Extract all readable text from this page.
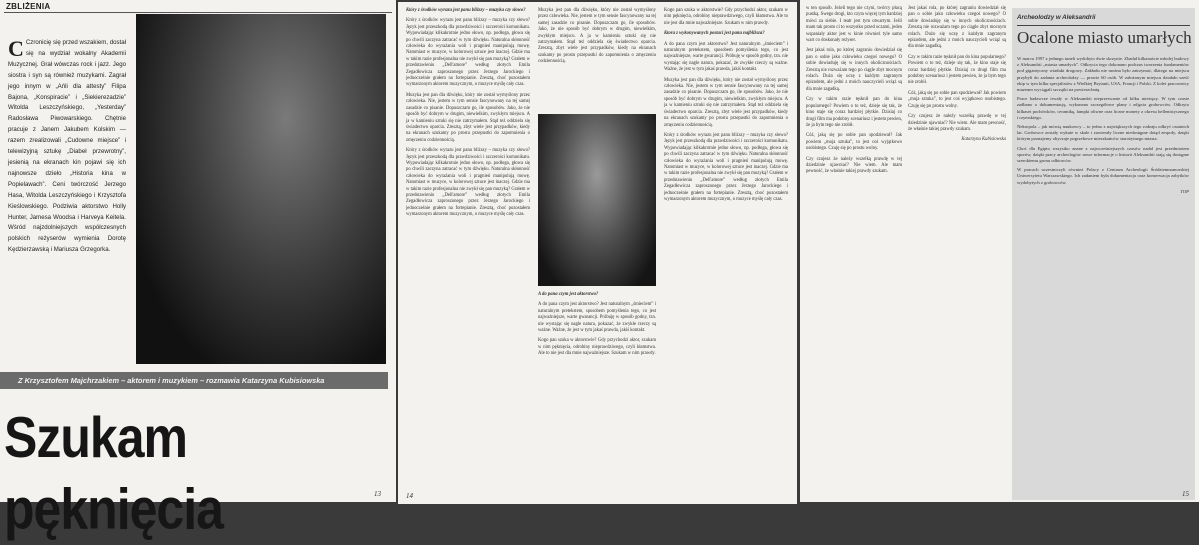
ZBLIŻENIA
C Czronicię się przed wszakiem, dostał się na wydział wokalny Akademii Muzycznej. Grał wówczas rock i jazz. Jego siostra i syn są również muzykami. Zagrał jego innym w „Ańli dla attesty” Filipa Bajona, „Konspiracie” i „Siekierezadzie” Witolda Leszczyńskiego, „Yesterday” Radosława Piwowarskiego. Chętnie pracuje z Janem Jakubem Kolskim — razem zrealizowali „Cudowne miejsce” i telewizyjną sztukę „Diabeł przewrotny”, jesienią na ekranach kin pojawi się ich najnowsze dzieło „Historia kina w Popielawach”. Ceni twórczość Jerzego Hasa, Witolda Leszczyńskiego i Krzysztofa Kieślowskiego. Podziwia aktorstwo Holly Hunter, Jamesa Woodsa i Harveya Keitela. Wśród najzdolniejszych współczesnych polskich reżyserów wymienia Dorotę Kędzierzawską i Mariusza Grzegorka.
Z Krzysztofem Majchrzakiem – aktorem i muzykiem – rozmawia Katarzyna Kubisiowska
Szukam pęknięcia	13

Który z środków wyrazu jest panu bliższy – muzyka czy słowo?

Który z środków wyrazu jest panu bliższy – muzyka czy słowo? Język jest przeszkodą dla prawdziwości i szczerości komunikatu. Wypowiadając kilkakrotnie jedno słowo, np. podłoga, głowa się po chwili zaczyna zatracać w tym dźwięku. Naturalna skłonność człowieka do wyrażania woli i pragnień manipulują mowę. Natomiast w muzyce, w kolorowej sztuce jest inaczej. Gdzie ma w takim razie profesjonalna nie zwykł się pan muzyką? Grałem w przedstawieniu „Dell'amore” według złotych Emila Zegadłowicza zaproszonego przez Jerzego Jarockiego i jednocześnie grałem na fortepianie. Zresztą, choć pozostałem wymarzonym aktorem muzycznym, o muzyce myślę cały czas.

Muzyka jest pan dla dźwięku, który nie został wymyślony przez człowieka. Nie, jestem w tym sensie fascynowany na tej samej zasadzie co pisanie. Dopuszczam go, ile sposobów. Jako, że nie sposób być dobrym w drugim, niewielkim, zwykłym miejscu. A ja w kamieniu sztuki się nie zatrzymałem. Stąd też oddziela się świadectwo oparcia. Zresztą, zbyt wiele jest przypadków, kiedy na ekranach szukamy po prostu przepustki do zapomnienia o zmęczeniu codziennością.

Który z środków wyrazu jest panu bliższy – muzyka czy słowo? Język jest przeszkodą dla prawdziwości i szczerości komunikatu. Wypowiadając kilkakrotnie jedno słowo, np. podłoga, głowa się po chwili zaczyna zatracać w tym dźwięku. Naturalna skłonność człowieka do wyrażania woli i pragnień manipulują mowę. Natomiast w muzyce, w kolorowej sztuce jest inaczej. Gdzie ma w takim razie profesjonalna nie zwykł się pan muzyką? Grałem w przedstawieniu „Dell'amore” według złotych Emila Zegadłowicza zaproszonego przez Jerzego Jarockiego i jednocześnie grałem na fortepianie. Zresztą, choć pozostałem wymarzonym aktorem muzycznym, o muzyce myślę cały czas.

Muzyka jest pan dla dźwięku, który nie został wymyślony przez człowieka. Nie, jestem w tym sensie fascynowany na tej samej zasadzie co pisanie. Dopuszczam go, ile sposobów. Jako, że nie sposób być dobrym w drugim, niewielkim, zwykłym miejscu. A ja w kamieniu sztuki się nie zatrzymałem. Stąd też oddziela się świadectwo oparcia. Zresztą, zbyt wiele jest przypadków, kiedy na ekranach szukamy po prostu przepustki do zapomnienia o zmęczeniu codziennością.

A do pana czym jest aktorstwo?

A do pana czym jest aktorstwo? Jest naturalnym „śmieciem” i naturalnym pretekstem, sposobem pomyślenia tego, co jest najważniejsze, warte gwarancji. Próbuję w sposób godny, tzn. nie wystając się nagle natura, pokazać, że zwykłe rzeczy są ważne. Ważne, że jest w tym jakaś prawda, jakiś kontakt.

Kogo pan szuka w aktorstwie? Gdy przychodzi aktor, szukam w nim pęknięcia, odrobiny nieprawdziwego, czyli kłamstwa. Ale to nie jest dla mnie najważniejsze. Szukam w nim prawdy.

Kogo pan szuka w aktorstwie? Gdy przychodzi aktor, szukam w nim pęknięcia, odrobiny nieprawdziwego, czyli kłamstwa. Ale to nie jest dla mnie najważniejsze. Szukam w nim prawdy.

Ktora z wykonywanych postaci jest panu najbliższa?

A do pana czym jest aktorstwo? Jest naturalnym „śmieciem” i naturalnym pretekstem, sposobem pomyślenia tego, co jest najważniejsze, warte gwarancji. Próbuję w sposób godny, tzn. nie wystając się nagle natura, pokazać, że zwykłe rzeczy są ważne. Ważne, że jest w tym jakaś prawda, jakiś kontakt.

Muzyka jest pan dla dźwięku, który nie został wymyślony przez człowieka. Nie, jestem w tym sensie fascynowany na tej samej zasadzie co pisanie. Dopuszczam go, ile sposobów. Jako, że nie sposób być dobrym w drugim, niewielkim, zwykłym miejscu. A ja w kamieniu sztuki się nie zatrzymałem. Stąd też oddziela się świadectwo oparcia. Zresztą, zbyt wiele jest przypadków, kiedy na ekranach szukamy po prostu przepustki do zapomnienia o zmęczeniu codziennością.

Który z środków wyrazu jest panu bliższy – muzyka czy słowo? Język jest przeszkodą dla prawdziwości i szczerości komunikatu. Wypowiadając kilkakrotnie jedno słowo, np. podłoga, głowa się po chwili zaczyna zatracać w tym dźwięku. Naturalna skłonność człowieka do wyrażania woli i pragnień manipulują mowę. Natomiast w muzyce, w kolorowej sztuce jest inaczej. Gdzie ma w takim razie profesjonalna nie zwykł się pan muzyką? Grałem w przedstawieniu „Dell'amore” według złotych Emila Zegadłowicza zaproszonego przez Jerzego Jarockiego i jednocześnie grałem na fortepianie. Zresztą, choć pozostałem wymarzonym aktorem muzycznym, o muzyce myślę cały czas.

14

w ten sposób. Jeżeli tego nie czyni, twórcy płacą pustką. Swego drogi, kto czyta więcej tym bardziej mówi za siebie. I teatr jest tym otwartym. Jeśli mam tak prosto ci to wszystko przed oczami, jeden wspaniały aktor jest w kinie również tyle samo wart co doskonały reżyser.

Jest jakaś rola, po której zagraniu dowiedział się pan o sobie jako człowieku czegoś nowego? O sobie dowiaduję się w innych okolicznościach. Zresztą nie rozważam tego po ciągle zbyt mocnym rolach. Dużo się uczę z każdym zagranym epizodem, ale jedni z moich nauczycieli wciąż są dla mnie zagadką.

Czy w takim razie tęsknił pan do kina popularnego? Powiem o to też, dzieje się tak, że kino staje się coraz bardziej płytkie. Dzisiaj co drugi film ma podobny scenariusz i jestem pewien, że ja bym tego nie zrobił.

Cóż, jaką się po sobie pan spodziewał? Jak powiem „moja sztuka”, to jest coś wyjątkowo osobistego. Czuję się po prostu wolny.

Czy czujesz że należy wszelką prawdę w tej dziedzinie ujawniać? Nie wiem. Ale mam pewność, że właśnie takiej prawdy szukam.

Jest jakaś rola, po której zagraniu dowiedział się pan o sobie jako człowieku czegoś nowego? O sobie dowiaduję się w innych okolicznościach. Zresztą nie rozważam tego po ciągle zbyt mocnym rolach. Dużo się uczę z każdym zagranym epizodem, ale jedni z moich nauczycieli wciąż są dla mnie zagadką.

Czy w takim razie tęsknił pan do kina popularnego? Powiem o to też, dzieje się tak, że kino staje się coraz bardziej płytkie. Dzisiaj co drugi film ma podobny scenariusz i jestem pewien, że ja bym tego nie zrobił.

Cóż, jaką się po sobie pan spodziewał? Jak powiem „moja sztuka”, to jest coś wyjątkowo osobistego. Czuję się po prostu wolny.

Czy czujesz że należy wszelką prawdę w tej dziedzinie ujawniać? Nie wiem. Ale mam pewność, że właśnie takiej prawdy szukam.

Katarzyna Kubisiowska

Archeolodzy w Aleksandrii
Ocalone miasto umarłych

W marcu 1997 z jednego tuneli wydobyto dwie skrzynie. Zbadał kilkanaście młodej budowy z Aleksandrii „miasta umarłych”. Odkrycia tego dokonano podczas tworzenia fundamentów pod gigantyczny wiadukt drogowy. Zakładu nie można było zatrzymać, dlatego na miejscu przybyli do zadania archeolodzy — prawie 60 osób. W założonym miejscu działało sześć ekip w tym kilku specjalistów z Wielkiej Brytanii, USA, Francji i Polski. Z kolei pracownicy muzeum wyciągali szczątki na powierzchnię.

Prace badawcze trwały w Aleksandrii nieprzerwanie od kilku miesięcy. W tym czasie zadbano o dokumentację, wykonano szczegółowe plany i zdjęcia grobowców. Odkryto kilkaset pochówków, ceramikę, lampki oliwne oraz liczne monety z okresu hellenistycznego i rzymskiego.

Nekropola – jak mówią naukowcy – to jedno z największych tego rodzaju odkryć ostatnich lat. Grobowce zostały wykute w skale i zawierały liczne niedostępne dotąd zespoły, dzięki którym poznajemy obyczaje pogrzebowe mieszkańców starożytnego miasta.

Choć dla Egiptu wszystko znane z najwcześniejszych czasów nadal jest przedmiotem sporów, dzięki pracy archeologów nowe informacje o historii Aleksandrii stają się dostępne szerokiemu gronu odbiorców.

W pracach uczestniczyli również Polacy z Centrum Archeologii Śródziemnomorskiej Uniwersytetu Warszawskiego. Ich zadaniem była dokumentacja oraz konserwacja zabytków wydobytych z grobowców.

TOP

15
